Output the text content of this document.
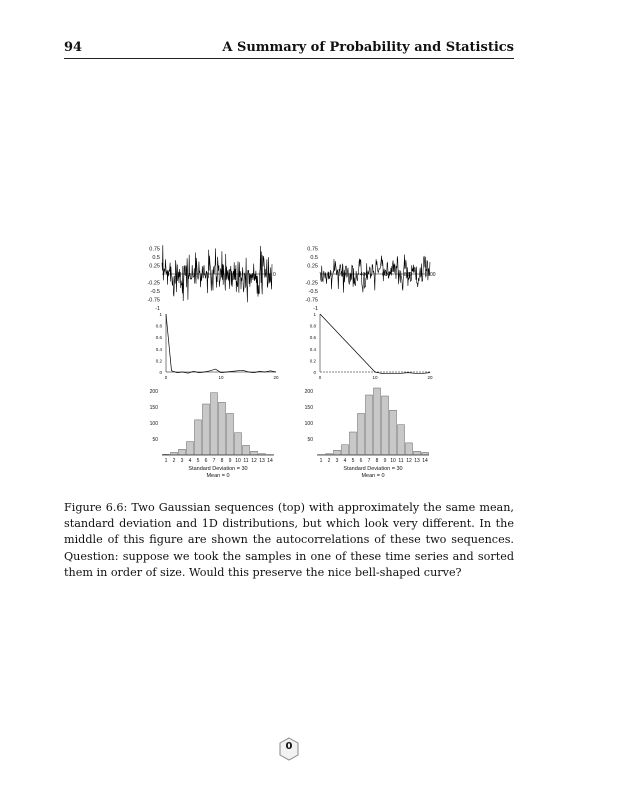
94	A Summary of Probability and Statistics
0.75
0.5
0.25
-0.25
-0.5
-0.75
-1
0
0.75
0.5
0.25
-0.25
-0.5
-0.75
-1
200	400	600	800 1000
1
0.8
0.6
0.4
0.2
0
0	10	20
1
0.8
0.6
0.4
0.2
0
0	10	20
200
150
100
50
1 2 3 4 5 6 7 8 9 10 11 12 13 14
Standard Deviation = 30
Mean = 0
200
150
100
50
1 2 3 4 5 6 7 8 9 10 11 12 13 14
Standard Deviation = 30
Mean = 0
Figure 6.6: Two Gaussian sequences (top) with approximately the same mean, standard deviation and 1D distributions, but which look very different. In the middle of this figure are shown the autocorrelations of these two sequences. Question: suppose we took the samples in one of these time series and sorted them in order of size. Would this preserve the nice bell-shaped curve?
0
